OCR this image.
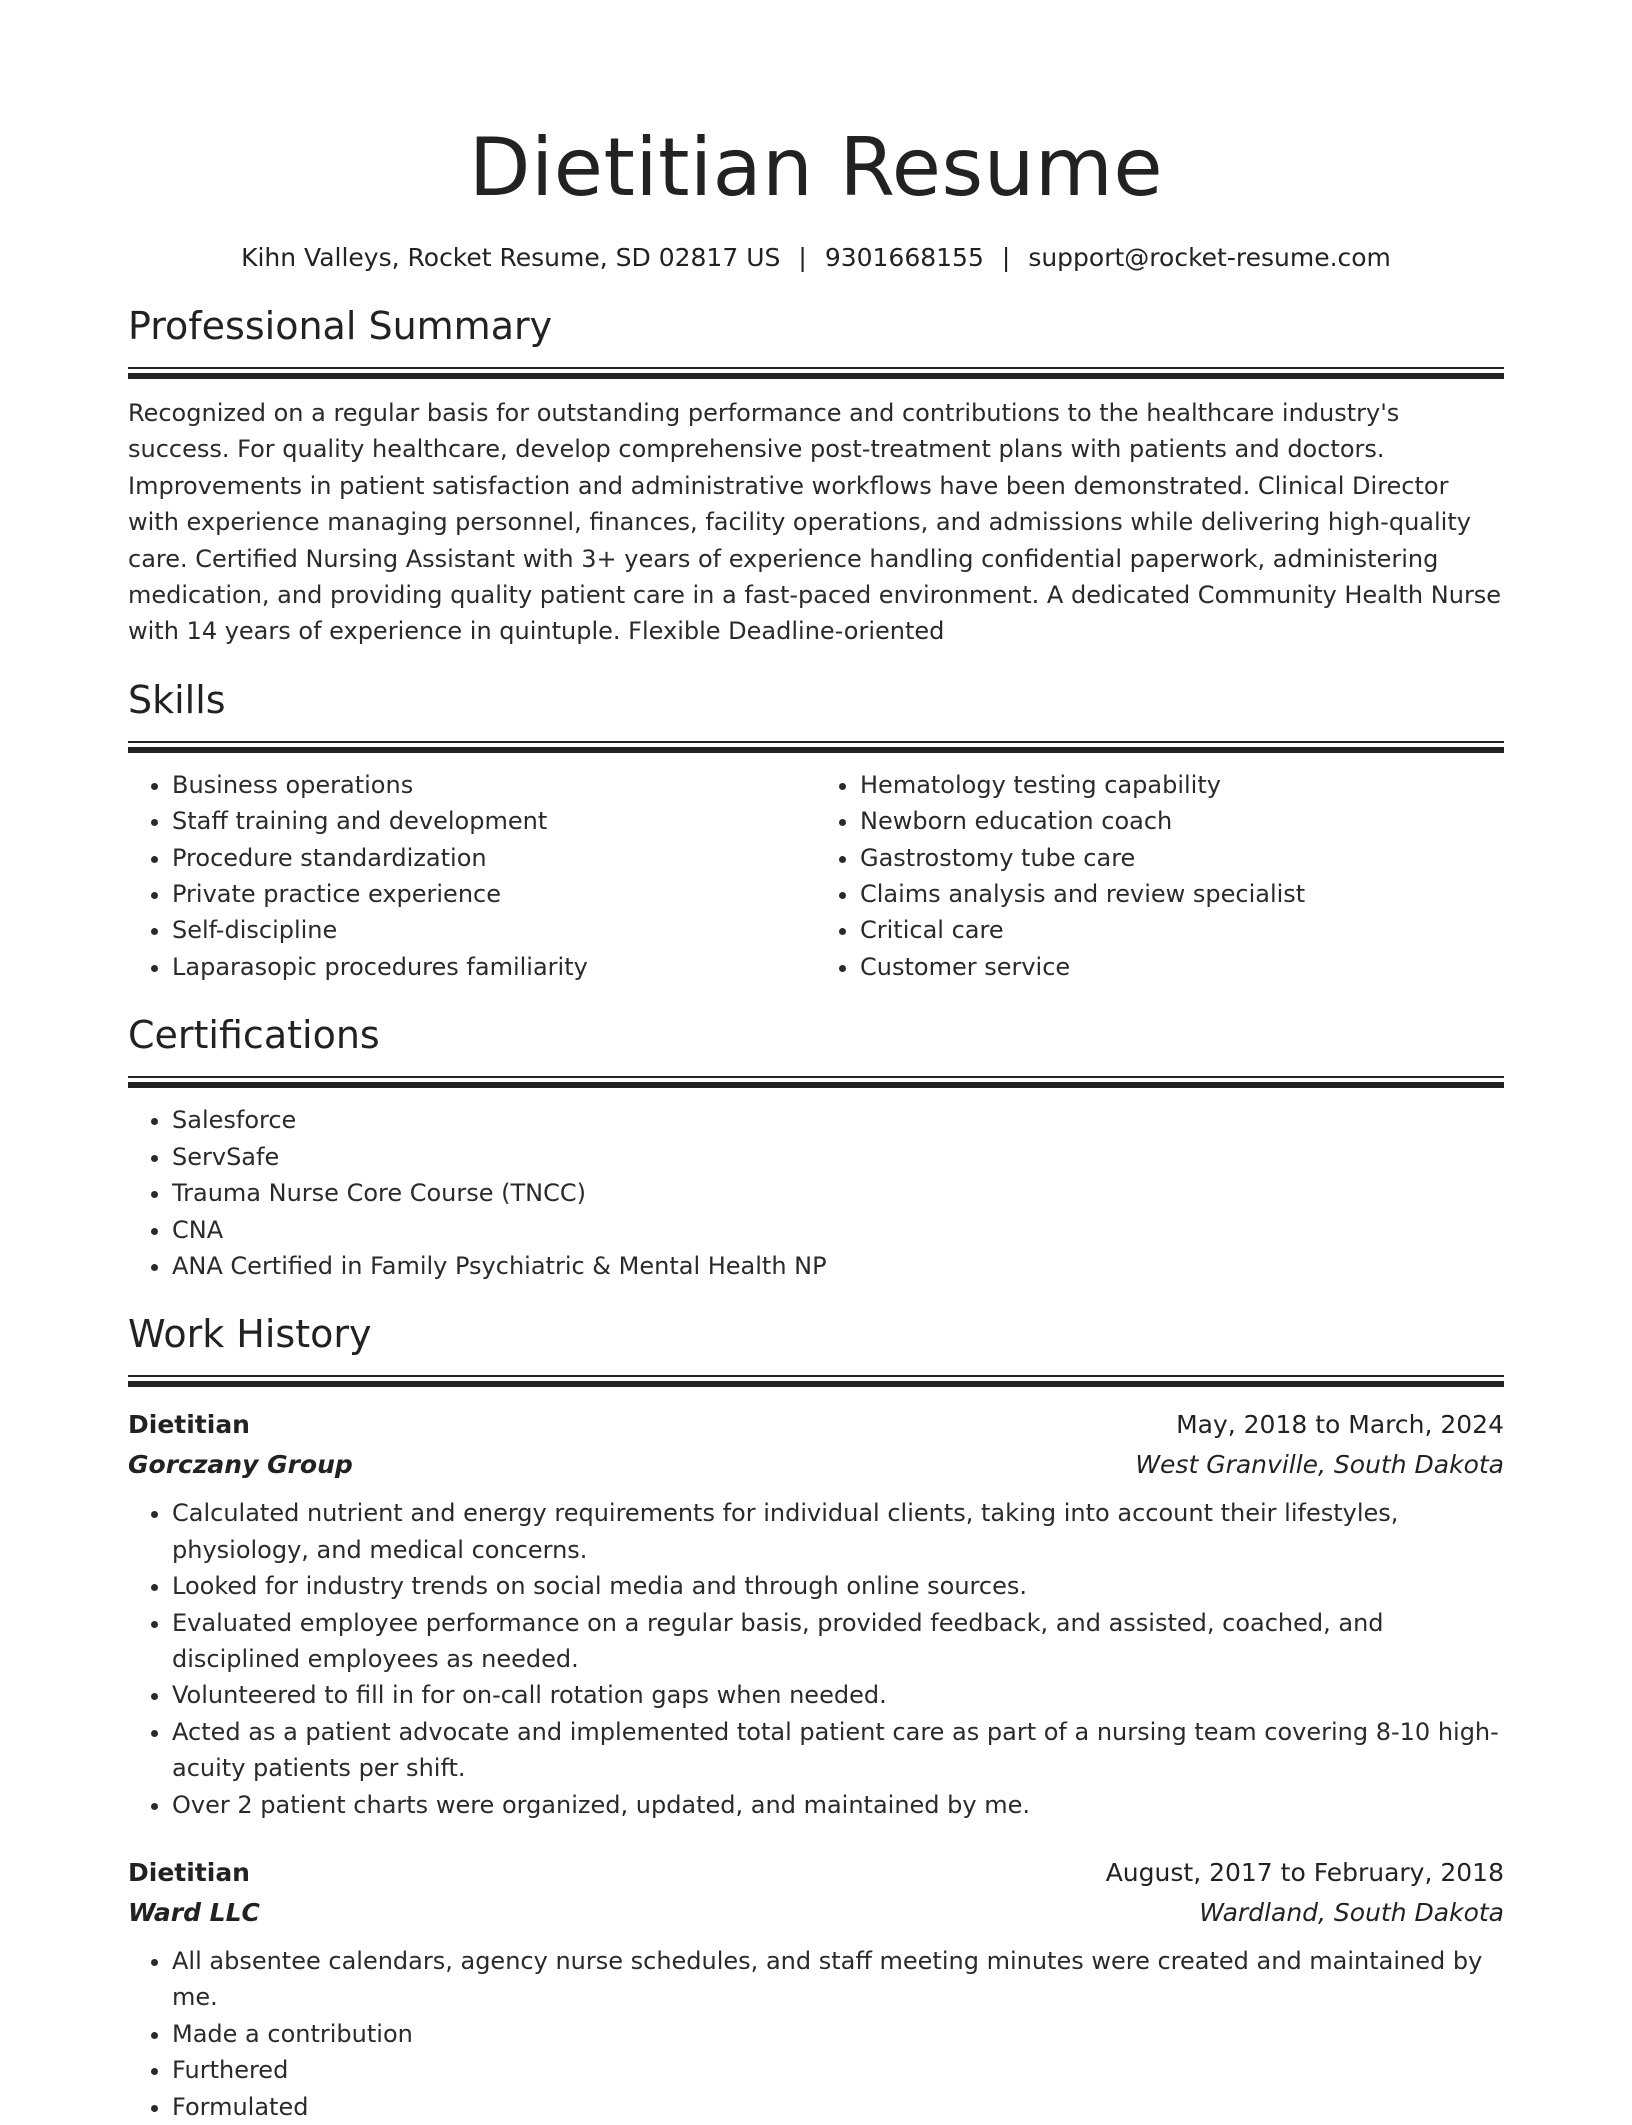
Dietitian Resume
Kihn Valleys, Rocket Resume, SD 02817 US | 9301668155 | support@rocket-resume.com
Professional Summary
Recognized on a regular basis for outstanding performance and contributions to the healthcare industry's success. For quality healthcare, develop comprehensive post-treatment plans with patients and doctors. Improvements in patient satisfaction and administrative workflows have been demonstrated. Clinical Director with experience managing personnel, finances, facility operations, and admissions while delivering high-quality care. Certified Nursing Assistant with 3+ years of experience handling confidential paperwork, administering medication, and providing quality patient care in a fast-paced environment. A dedicated Community Health Nurse with 14 years of experience in quintuple. Flexible Deadline-oriented
Skills
• Business operations
• Staff training and development
• Procedure standardization
• Private practice experience
• Self-discipline
• Laparasopic procedures familiarity
• Hematology testing capability
• Newborn education coach
• Gastrostomy tube care
• Claims analysis and review specialist
• Critical care
• Customer service
Certifications
• Salesforce
• ServSafe
• Trauma Nurse Core Course (TNCC)
• CNA
• ANA Certified in Family Psychiatric & Mental Health NP
Work History
Dietitian	May, 2018 to March, 2024
Gorczany Group	West Granville, South Dakota
• Calculated nutrient and energy requirements for individual clients, taking into account their lifestyles, physiology, and medical concerns.
• Looked for industry trends on social media and through online sources.
• Evaluated employee performance on a regular basis, provided feedback, and assisted, coached, and disciplined employees as needed.
• Volunteered to fill in for on-call rotation gaps when needed.
• Acted as a patient advocate and implemented total patient care as part of a nursing team covering 8-10 high-acuity patients per shift.
• Over 2 patient charts were organized, updated, and maintained by me.
Dietitian	August, 2017 to February, 2018
Ward LLC	Wardland, South Dakota
• All absentee calendars, agency nurse schedules, and staff meeting minutes were created and maintained by me.
• Made a contribution
• Furthered
• Formulated
